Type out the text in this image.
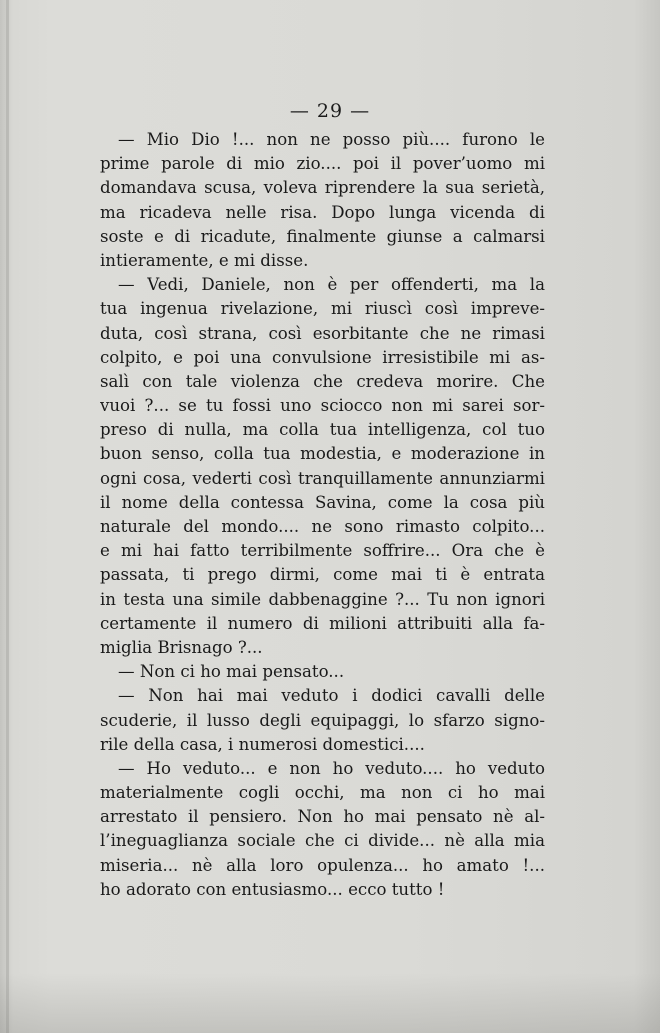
— 29 —
— Mio Dio !... non ne posso più.... furono le
prime parole di mio zio.... poi il pover’uomo mi
domandava scusa, voleva riprendere la sua serietà,
ma ricadeva nelle risa. Dopo lunga vicenda di
soste e di ricadute, finalmente giunse a calmarsi
intieramente, e mi disse.
— Vedi, Daniele, non è per offenderti, ma la
tua ingenua rivelazione, mi riuscì così impreve-
duta, così strana, così esorbitante che ne rimasi
colpito, e poi una convulsione irresistibile mi as-
salì con tale violenza che credeva morire. Che
vuoi ?... se tu fossi uno sciocco non mi sarei sor-
preso di nulla, ma colla tua intelligenza, col tuo
buon senso, colla tua modestia, e moderazione in
ogni cosa, vederti così tranquillamente annunziarmi
il nome della contessa Savina, come la cosa più
naturale del mondo.... ne sono rimasto colpito...
e mi hai fatto terribilmente soffrire... Ora che è
passata, ti prego dirmi, come mai ti è entrata
in testa una simile dabbenaggine ?... Tu non ignori
certamente il numero di milioni attribuiti alla fa-
miglia Brisnago ?...
— Non ci ho mai pensato...
— Non hai mai veduto i dodici cavalli delle
scuderie, il lusso degli equipaggi, lo sfarzo signo-
rile della casa, i numerosi domestici....
— Ho veduto... e non ho veduto.... ho veduto
materialmente cogli occhi, ma non ci ho mai
arrestato il pensiero. Non ho mai pensato nè al-
l’ineguaglianza sociale che ci divide... nè alla mia
miseria... nè alla loro opulenza... ho amato !...
ho adorato con entusiasmo... ecco tutto !
